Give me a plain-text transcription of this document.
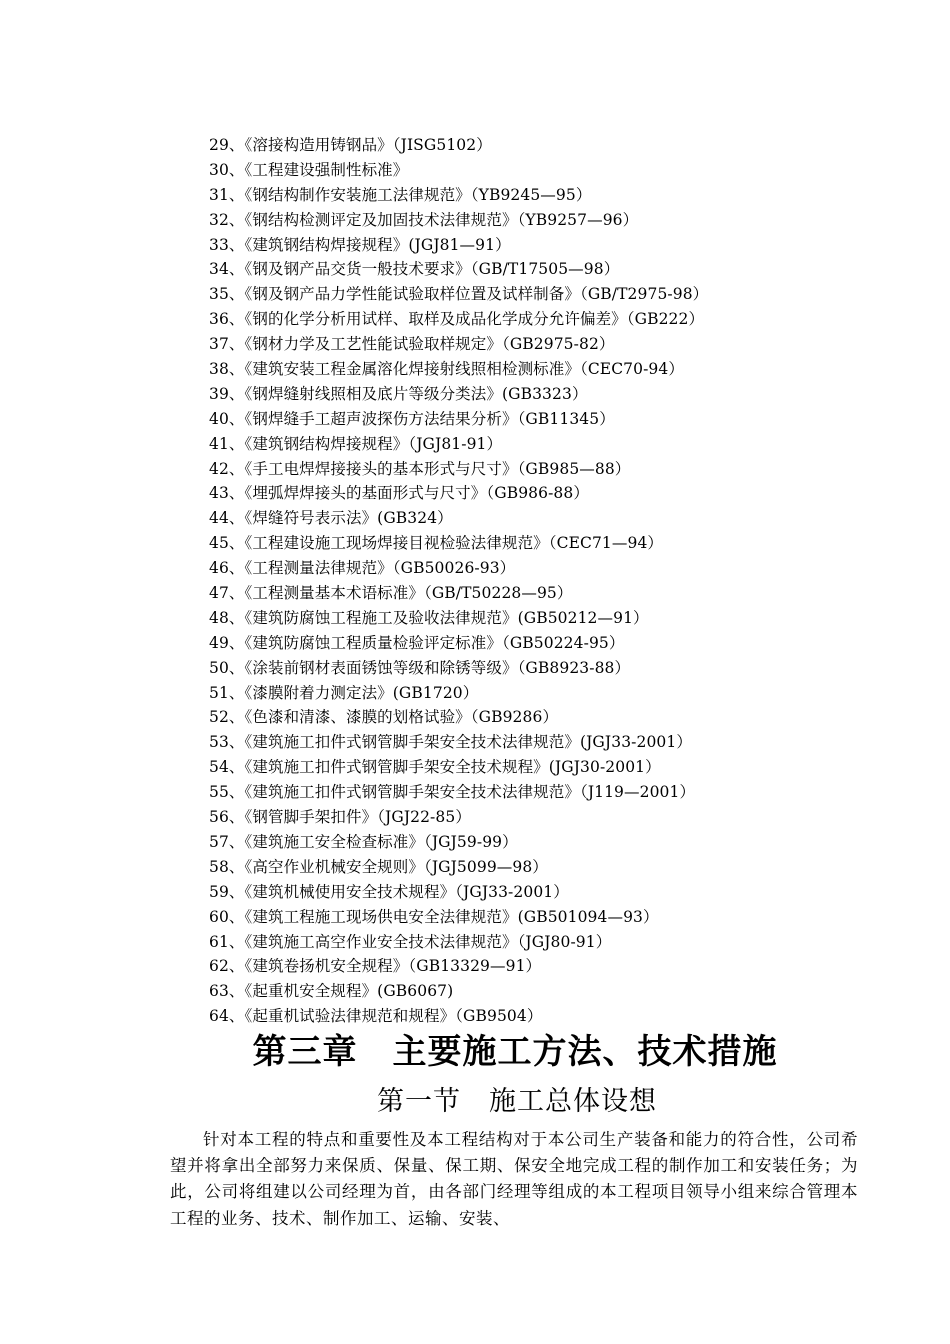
29、《溶接构造用铸钢品》（JISG5102）
30、《工程建设强制性标准》
31、《钢结构制作安装施工法律规范》（YB9245—95）
32、《钢结构检测评定及加固技术法律规范》（YB9257—96）
33、《建筑钢结构焊接规程》(JGJ81—91）
34、《钢及钢产品交货一般技术要求》（GB/T17505—98）
35、《钢及钢产品力学性能试验取样位置及试样制备》（GB/T2975-98）
36、《钢的化学分析用试样、取样及成品化学成分允许偏差》（GB222）
37、《钢材力学及工艺性能试验取样规定》（GB2975-82）
38、《建筑安装工程金属溶化焊接射线照相检测标准》（CEC70-94）
39、《钢焊缝射线照相及底片等级分类法》(GB3323）
40、《钢焊缝手工超声波探伤方法结果分析》（GB11345）
41、《建筑钢结构焊接规程》（JGJ81-91）
42、《手工电焊焊接接头的基本形式与尺寸》（GB985—88）
43、《埋弧焊焊接头的基面形式与尺寸》（GB986-88）
44、《焊缝符号表示法》(GB324）
45、《工程建设施工现场焊接目视检验法律规范》（CEC71—94）
46、《工程测量法律规范》（GB50026-93）
47、《工程测量基本术语标准》（GB/T50228—95）
48、《建筑防腐蚀工程施工及验收法律规范》(GB50212—91）
49、《建筑防腐蚀工程质量检验评定标准》（GB50224-95）
50、《涂装前钢材表面锈蚀等级和除锈等级》（GB8923-88）
51、《漆膜附着力测定法》(GB1720）
52、《色漆和清漆、漆膜的划格试验》（GB9286）
53、《建筑施工扣件式钢管脚手架安全技术法律规范》(JGJ33-2001）
54、《建筑施工扣件式钢管脚手架安全技术规程》(JGJ30-2001）
55、《建筑施工扣件式钢管脚手架安全技术法律规范》（J119—2001）
56、《钢管脚手架扣件》（JGJ22-85）
57、《建筑施工安全检查标准》（JGJ59-99）
58、《高空作业机械安全规则》（JGJ5099—98）
59、《建筑机械使用安全技术规程》（JGJ33-2001）
60、《建筑工程施工现场供电安全法律规范》(GB501094—93）
61、《建筑施工高空作业安全技术法律规范》（JGJ80-91）
62、《建筑卷扬机安全规程》（GB13329—91）
63、《起重机安全规程》(GB6067)
64、《起重机试验法律规范和规程》（GB9504）
第三章　主要施工方法、技术措施
第一节　施工总体设想

针对本工程的特点和重要性及本工程结构对于本公司生产装备和能力的符合性，公司希望并将拿出全部努力来保质、保量、保工期、保安全地完成工程的制作加工和安装任务；为此，公司将组建以公司经理为首，由各部门经理等组成的本工程项目领导小组来综合管理本工程的业务、技术、制作加工、运输、安装、
